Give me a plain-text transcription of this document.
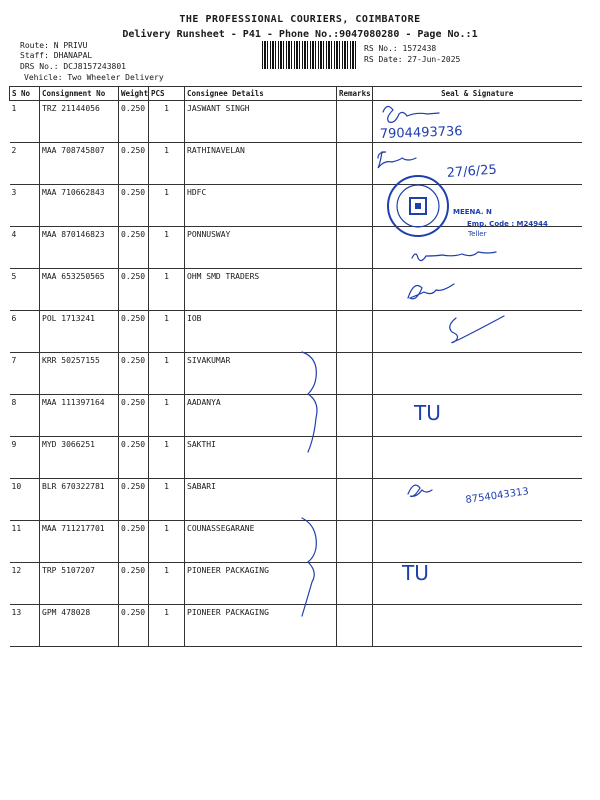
THE PROFESSIONAL COURIERS, COIMBATORE
Delivery Runsheet - P41 - Phone No.:9047080280 - Page No.:1
Route: N PRIVU
Staff: DHANAPAL
DRS No.: DCJ8157243801
Vehicle: Two Wheeler Delivery
RS No.: 1572438
RS Date: 27-Jun-2025
S No	Consignment No	Weight	PCS	Consignee Details	Remarks	Seal & Signature
1	TRZ 21144056	0.250	1	JASWANT SINGH		
2	MAA 708745807	0.250	1	RATHINAVELAN		
3	MAA 710662843	0.250	1	HDFC		
4	MAA 870146823	0.250	1	PONNUSWAY		
5	MAA 653250565	0.250	1	OHM SMD TRADERS		
6	POL 1713241	0.250	1	IOB		
7	KRR 50257155	0.250	1	SIVAKUMAR		
8	MAA 111397164	0.250	1	AADANYA		
9	MYD 3066251	0.250	1	SAKTHI		
10	BLR 670322781	0.250	1	SABARI		
11	MAA 711217701	0.250	1	COUNASSEGARANE		
12	TRP 5107207	0.250	1	PIONEER PACKAGING		
13	GPM 478028	0.250	1	PIONEER PACKAGING		
7904493736
27/6/25
TU
8754043313
TU
MEENA. N
Emp. Code : M24944
Teller
